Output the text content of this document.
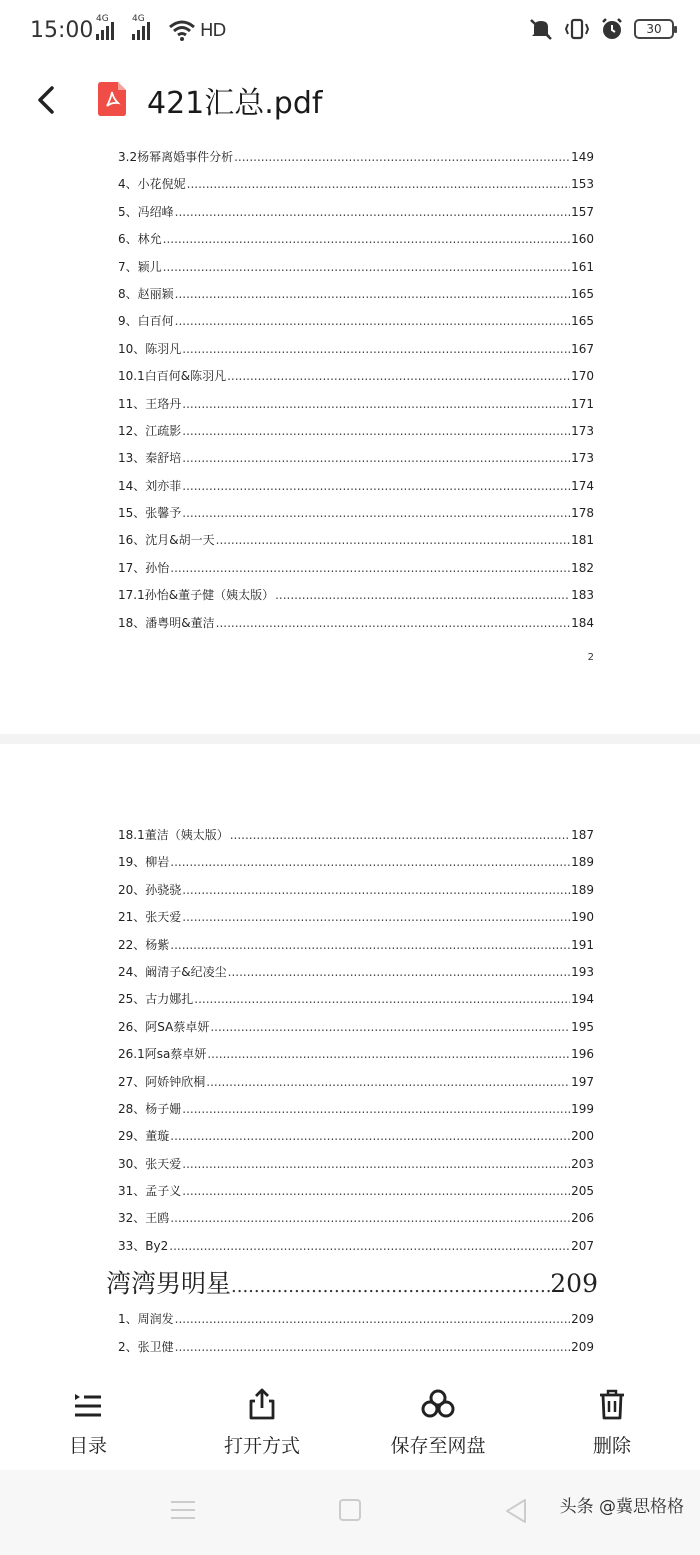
15:00 4G	4G
HD	30
421汇总.pdf
3.2杨幂离婚事件分析 .....	149
4、小花倪妮 .....	153
5、冯绍峰 .....	157
6、林允 .....	160
7、颖儿 .....	161
8、赵丽颖 .....	165
9、白百何 .....	165
10、陈羽凡 .....	167
10.1白百何&陈羽凡 .....	170
11、王珞丹 .....	171
12、江疏影 .....	173
13、秦舒培 .....	173
14、刘亦菲 .....	174
15、张馨予 .....	178
16、沈月&胡一天 .....	181
17、孙怡 .....	182
17.1孙怡&董子健（姨太版） .....	183
18、潘粤明&董洁 .....	184
2
18.1董洁（姨太版） .....	187
19、柳岩 .....	189
20、孙骁骁 .....	189
21、张天爱 .....	190
22、杨紫 .....	191
24、阚清子&纪凌尘 .....	193
25、古力娜扎 .....	194
26、阿SA蔡卓妍 .....	195
26.1阿sa蔡卓妍 .....	196
27、阿娇钟欣桐 .....	197
28、杨子姗 .....	199
29、董璇 .....	200
30、张天爱 .....	203
31、孟子义 .....	205
32、王鸥 .....	206
33、By2 .....	207
湾湾男明星 .....	209
1、周润发 .....	209
2、张卫健 .....	209
目录	打开方式	保存至网盘	删除
头条 @冀思格格
